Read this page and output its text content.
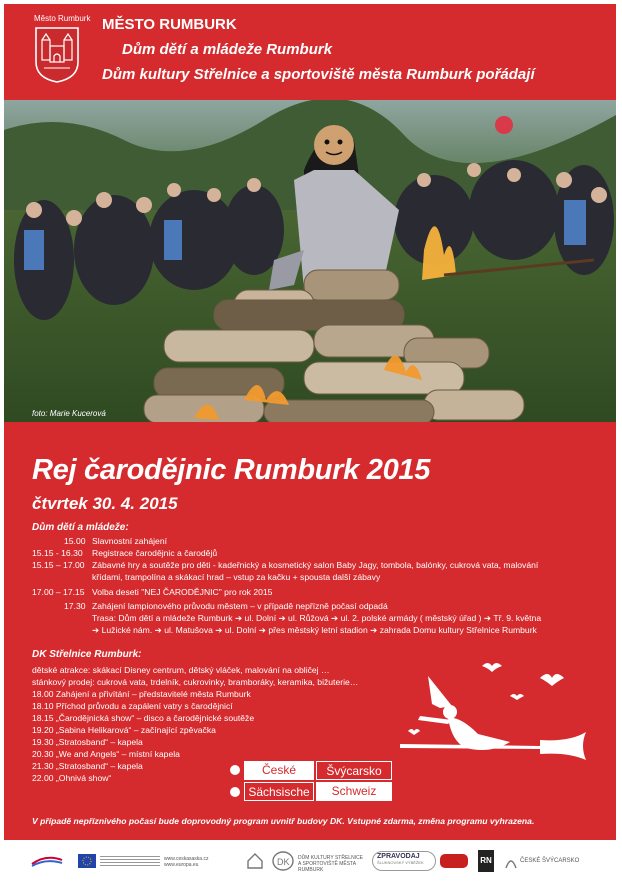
Město Rumburk MĚSTO RUMBURK
Dům dětí a mládeže Rumburk
Dům kultury Střelnice a sportoviště města Rumburk pořádají
foto: Marie Kucerová
Rej čarodějnic Rumburk 2015
čtvrtek 30. 4. 2015
Dům dětí a mládeže:
15.00 Slavnostní zahájení
15.15 - 16.30	Registrace čarodějnic a čarodějů
15.15 – 17.00 Zábavné hry a soutěže pro děti - kadeřnický a kosmetický salon Baby Jagy, tombola, balónky, cukrová vata, malování
křídami, trampolína a skákací hrad – vstup za kačku + spousta další zábavy
17.00 – 17.15 Volba deseti "NEJ ČARODĚJNIC" pro rok 2015
17.30 Zahájení lampionového průvodu městem – v případě nepřízně počasí odpadá
Trasa: Dům dětí a mládeže Rumburk ➔ ul. Dolní ➔ ul. Růžová ➔ ul. 2. polské armády ( městský úřad ) ➔ Tř. 9. května
➔ Lužické nám. ➔ ul. Matušova ➔ ul. Dolní ➔ přes městský letní stadion ➔ zahrada Domu kultury Střelnice Rumburk
DK Střelnice Rumburk:
dětské atrakce: skákací Disney centrum, dětský vláček, malování na obličej …
stánkový prodej: cukrová vata, trdelník, cukrovinky, bramboráky, keramika, bižuterie…
18.00 Zahájení a přivítání – představitelé města Rumburk
18.10 Příchod průvodu a zapálení vatry s čarodějnicí
18.15 „Čarodějnická show“ – disco a čarodějnické soutěže
19.20 „Sabina Helikarová“ – začínající zpěvačka
19.30 „Stratosband“ – kapela
20.30 „We and Angels“ – místní kapela
21.30 „Stratosband“ – kapela
22.00 „Ohnivá show“
České	Švýcarsko
Sächsische	Schweiz
V případě nepříznivého počasí bude doprovodný program uvnitř budovy DK. Vstupné zdarma, změna programu vyhrazena.
www.ceskasaska.cz www.europa.eu	DK DŮM KULTURY STŘELNICE A SPORTOVIŠTĚ MĚSTA RUMBURK
ZPRAVODAJ
ŠLUKNOVSKÝ VÝBĚŽEK	RN	ČESKÉ ŠVÝCARSKO
